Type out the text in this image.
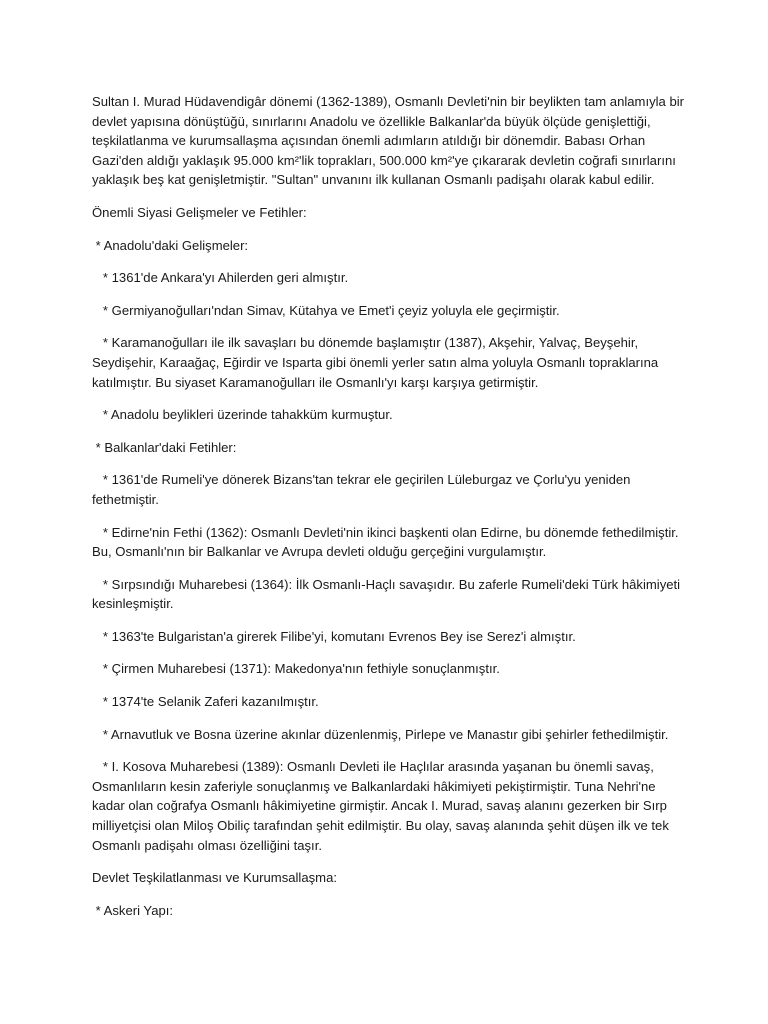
Sultan I. Murad Hüdavendigâr dönemi (1362-1389), Osmanlı Devleti'nin bir beylikten tam anlamıyla bir devlet yapısına dönüştüğü, sınırlarını Anadolu ve özellikle Balkanlar'da büyük ölçüde genişlettiği, teşkilatlanma ve kurumsallaşma açısından önemli adımların atıldığı bir dönemdir. Babası Orhan Gazi'den aldığı yaklaşık 95.000 km²'lik toprakları, 500.000 km²'ye çıkararak devletin coğrafi sınırlarını yaklaşık beş kat genişletmiştir. "Sultan" unvanını ilk kullanan Osmanlı padişahı olarak kabul edilir.

Önemli Siyasi Gelişmeler ve Fetihler:

* Anadolu'daki Gelişmeler:

* 1361'de Ankara'yı Ahilerden geri almıştır.

* Germiyanoğulları'ndan Simav, Kütahya ve Emet'i çeyiz yoluyla ele geçirmiştir.

* Karamanoğulları ile ilk savaşları bu dönemde başlamıştır (1387), Akşehir, Yalvaç, Beyşehir, Seydişehir, Karaağaç, Eğirdir ve Isparta gibi önemli yerler satın alma yoluyla Osmanlı topraklarına katılmıştır. Bu siyaset Karamanoğulları ile Osmanlı'yı karşı karşıya getirmiştir.

* Anadolu beylikleri üzerinde tahakküm kurmuştur.

* Balkanlar'daki Fetihler:

* 1361'de Rumeli'ye dönerek Bizans'tan tekrar ele geçirilen Lüleburgaz ve Çorlu'yu yeniden fethetmiştir.

* Edirne'nin Fethi (1362): Osmanlı Devleti'nin ikinci başkenti olan Edirne, bu dönemde fethedilmiştir. Bu, Osmanlı'nın bir Balkanlar ve Avrupa devleti olduğu gerçeğini vurgulamıştır.

* Sırpsındığı Muharebesi (1364): İlk Osmanlı-Haçlı savaşıdır. Bu zaferle Rumeli'deki Türk hâkimiyeti kesinleşmiştir.

* 1363'te Bulgaristan'a girerek Filibe'yi, komutanı Evrenos Bey ise Serez'i almıştır.

* Çirmen Muharebesi (1371): Makedonya'nın fethiyle sonuçlanmıştır.

* 1374'te Selanik Zaferi kazanılmıştır.

* Arnavutluk ve Bosna üzerine akınlar düzenlenmiş, Pirlepe ve Manastır gibi şehirler fethedilmiştir.

* I. Kosova Muharebesi (1389): Osmanlı Devleti ile Haçlılar arasında yaşanan bu önemli savaş, Osmanlıların kesin zaferiyle sonuçlanmış ve Balkanlardaki hâkimiyeti pekiştirmiştir. Tuna Nehri'ne kadar olan coğrafya Osmanlı hâkimiyetine girmiştir. Ancak I. Murad, savaş alanını gezerken bir Sırp milliyetçisi olan Miloş Obiliç tarafından şehit edilmiştir. Bu olay, savaş alanında şehit düşen ilk ve tek Osmanlı padişahı olması özelliğini taşır.

Devlet Teşkilatlanması ve Kurumsallaşma:

* Askeri Yapı:
